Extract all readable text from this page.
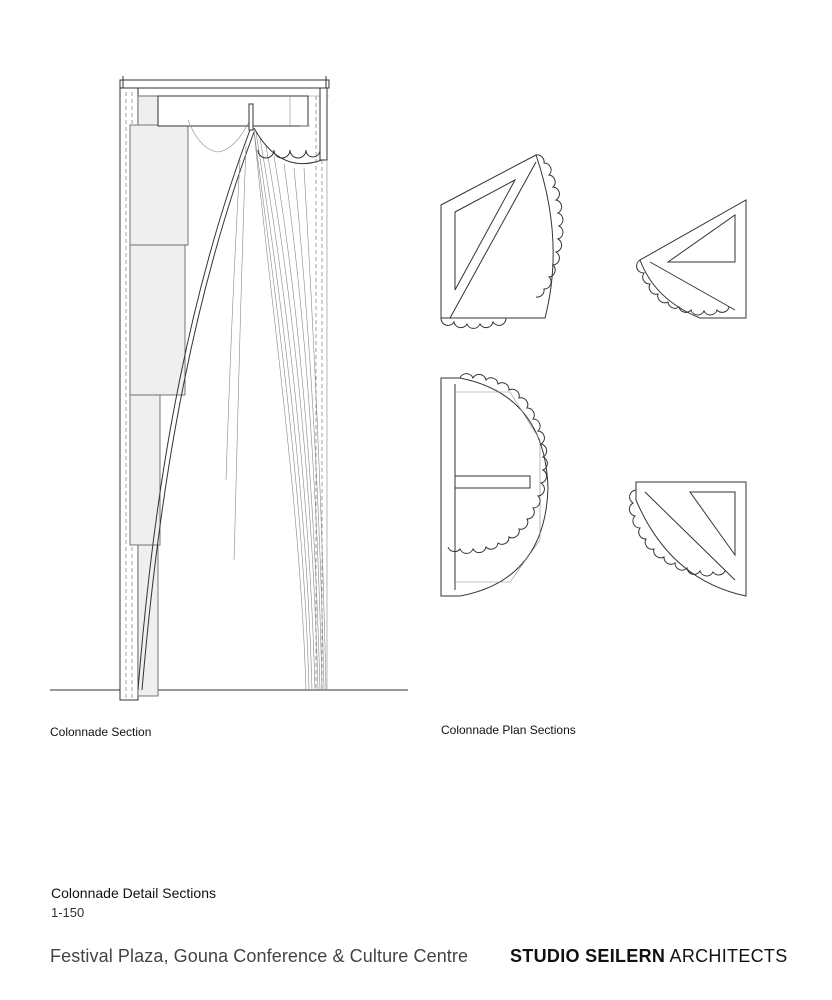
Colonnade Section	Colonnade Plan Sections
Colonnade Detail Sections
1-150
Festival Plaza, Gouna Conference & Culture Centre STUDIO SEILERN ARCHITECTS
